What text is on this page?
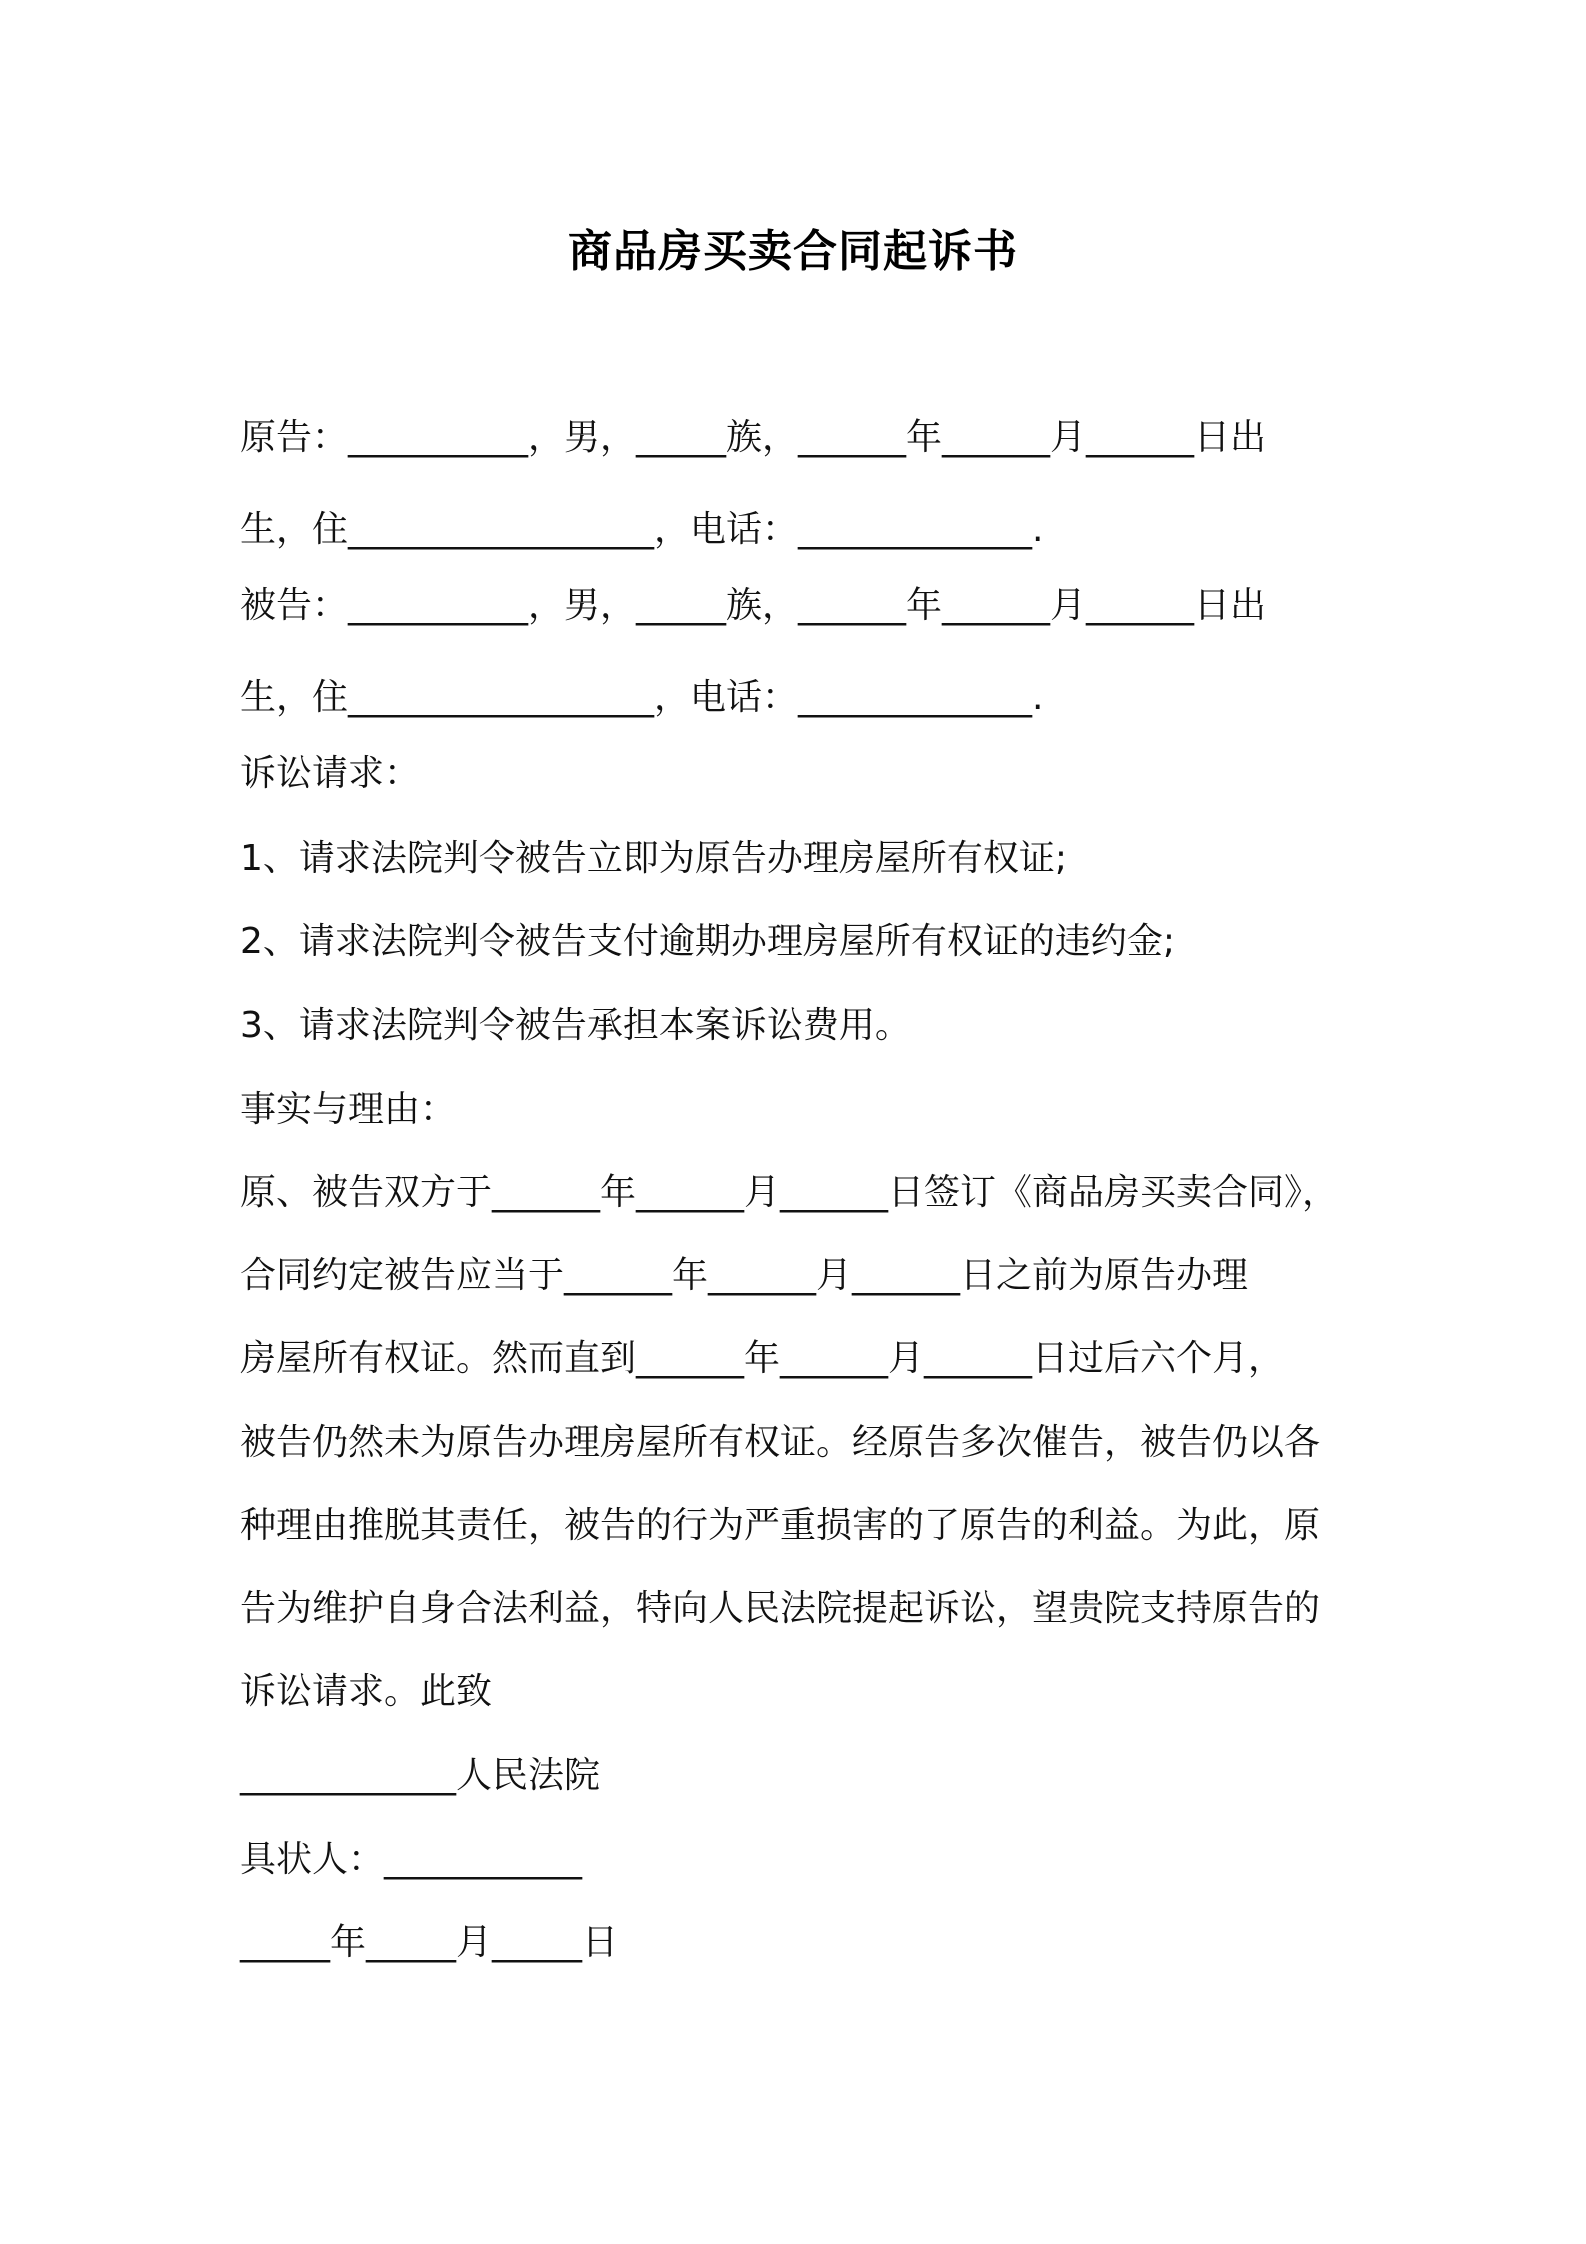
商品房买卖合同起诉书
原告：__________，男，_____族，______年______月______日出
生，住_________________，电话：_____________.
被告：__________，男，_____族，______年______月______日出
生，住_________________，电话：_____________.
诉讼请求：
1、请求法院判令被告立即为原告办理房屋所有权证;
2、请求法院判令被告支付逾期办理房屋所有权证的违约金;
3、请求法院判令被告承担本案诉讼费用。
事实与理由：
原、被告双方于______年______月______日签订《商品房买卖合同》，
合同约定被告应当于______年______月______日之前为原告办理
房屋所有权证。然而直到______年______月______日过后六个月，
被告仍然未为原告办理房屋所有权证。经原告多次催告，被告仍以各
种理由推脱其责任，被告的行为严重损害的了原告的利益。为此，原
告为维护自身合法利益，特向人民法院提起诉讼，望贵院支持原告的
诉讼请求。此致
____________人民法院
具状人：___________
_____年_____月_____日
